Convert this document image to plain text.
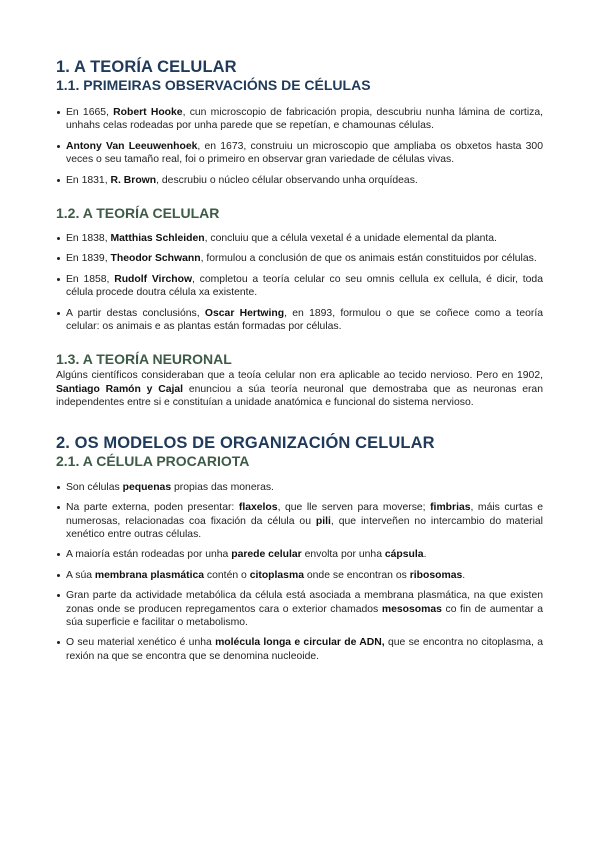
1. A TEORÍA CELULAR
1.1. PRIMEIRAS OBSERVACIÓNS DE CÉLULAS
En 1665, Robert Hooke, cun microscopio de fabricación propia, descubriu nunha lámina de cortiza, unhahs celas rodeadas por unha parede que se repetían, e chamounas células.
Antony Van Leeuwenhoek, en 1673, construiu un microscopio que ampliaba os obxetos hasta 300 veces o seu tamaño real, foi o primeiro en observar gran variedade de células vivas.
En 1831, R. Brown, descrubiu o núcleo célular observando unha orquídeas.
1.2. A TEORÍA CELULAR
En 1838, Matthias Schleiden, concluiu que a célula vexetal é a unidade elemental da planta.
En 1839, Theodor Schwann, formulou a conclusión de que os animais están constituidos por células.
En 1858, Rudolf Virchow, completou a teoría celular co seu omnis cellula ex cellula, é dicir, toda célula procede doutra célula xa existente.
A partir destas conclusións, Oscar Hertwing, en 1893, formulou o que se coñece como a teoría celular: os animais e as plantas están formadas por células.
1.3. A TEORÍA NEURONAL

Algúns científicos consideraban que a teoía celular non era aplicable ao tecido nervioso. Pero en 1902, Santiago Ramón y Cajal enunciou a súa teoría neuronal que demostraba que as neuronas eran independentes entre si e constituían a unidade anatómica e funcional do sistema nervioso.

2. OS MODELOS DE ORGANIZACIÓN CELULAR
2.1. A CÉLULA PROCARIOTA
Son células pequenas propias das moneras.
Na parte externa, poden presentar: flaxelos, que lle serven para moverse; fimbrias, máis curtas e numerosas, relacionadas coa fixación da célula ou pili, que interveñen no intercambio do material xenético entre outras células.
A maioría están rodeadas por unha parede celular envolta por unha cápsula.
A súa membrana plasmática contén o citoplasma onde se encontran os ribosomas.
Gran parte da actividade metabólica da célula está asociada a membrana plasmática, na que existen zonas onde se producen repregamentos cara o exterior chamados mesosomas co fin de aumentar a súa superficie e facilitar o metabolismo.
O seu material xenético é unha molécula longa e circular de ADN, que se encontra no citoplasma, a rexión na que se encontra que se denomina nucleoide.
